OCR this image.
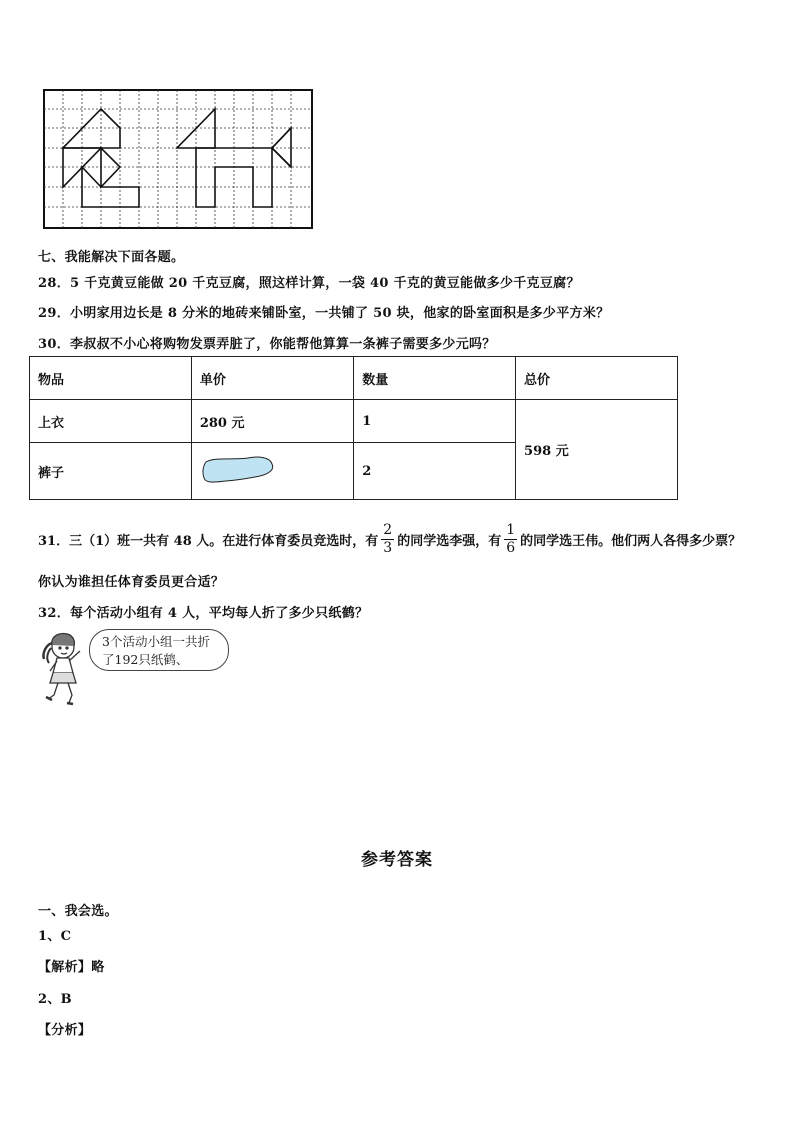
七、我能解决下面各题。
28．5 千克黄豆能做 20 千克豆腐，照这样计算，一袋 40 千克的黄豆能做多少千克豆腐？
29．小明家用边长是 8 分米的地砖来铺卧室，一共铺了 50 块，他家的卧室面积是多少平方米？
30．李叔叔不小心将购物发票弄脏了，你能帮他算算一条裤子需要多少元吗？
物品	单价	数量	总价
上衣	280 元	1	598 元
裤子		2	
31．三（1）班一共有 48 人。在进行体育委员竞选时，有 $\frac{2}{3}$ 的同学选李强，有 $\frac{1}{6}$ 的同学选王伟。他们两人各得多少票？
你认为谁担任体育委员更合适？
32．每个活动小组有 4 人，平均每人折了多少只纸鹤？
3个活动小组一共折
了192只纸鹤、
参考答案
一、我会选。
1、C
【解析】略
2、B
【分析】
